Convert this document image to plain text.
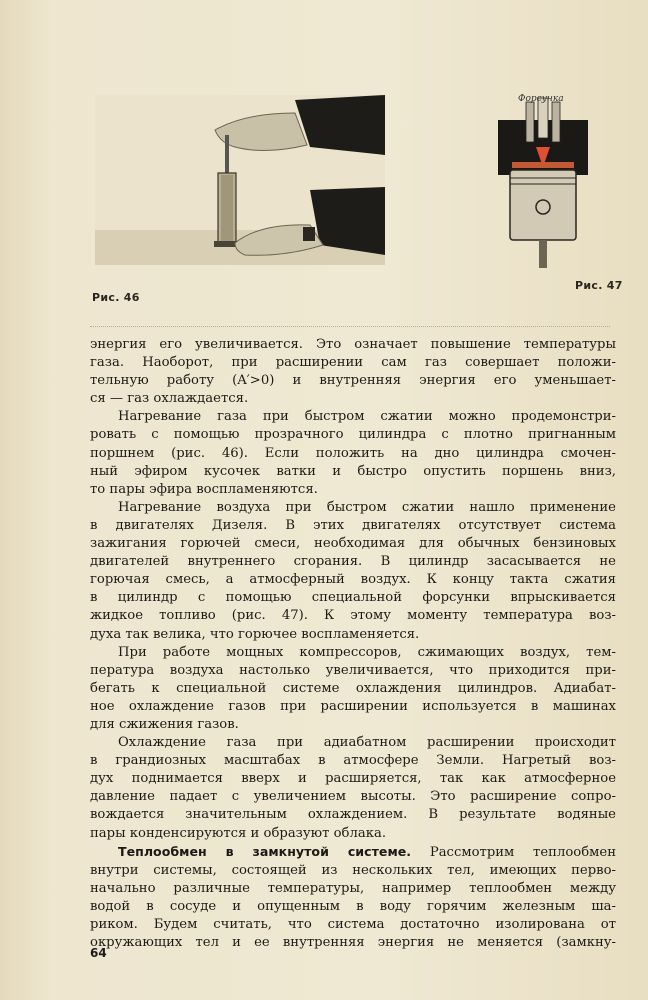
Форсунка
Рис. 46
Рис. 47
энергия его увеличивается. Это означает повышение температуры
газа. Наоборот, при расширении сам газ совершает положи-
тельную работу (A′>0) и внутренняя энергия его уменьшает-
ся — газ охлаждается.
Нагревание газа при быстром сжатии можно продемонстри-
ровать с помощью прозрачного цилиндра с плотно пригнанным
поршнем (рис. 46). Если положить на дно цилиндра смочен-
ный эфиром кусочек ватки и быстро опустить поршень вниз,
то пары эфира воспламеняются.
Нагревание воздуха при быстром сжатии нашло применение
в двигателях Дизеля. В этих двигателях отсутствует система
зажигания горючей смеси, необходимая для обычных бензиновых
двигателей внутреннего сгорания. В цилиндр засасывается не
горючая смесь, а атмосферный воздух. К концу такта сжатия
в цилиндр с помощью специальной форсунки впрыскивается
жидкое топливо (рис. 47). К этому моменту температура воз-
духа так велика, что горючее воспламеняется.
При работе мощных компрессоров, сжимающих воздух, тем-
пература воздуха настолько увеличивается, что приходится при-
бегать к специальной системе охлаждения цилиндров. Адиабат-
ное охлаждение газов при расширении используется в машинах
для сжижения газов.
Охлаждение газа при адиабатном расширении происходит
в грандиозных масштабах в атмосфере Земли. Нагретый воз-
дух поднимается вверх и расширяется, так как атмосферное
давление падает с увеличением высоты. Это расширение сопро-
вождается значительным охлаждением. В результате водяные
пары конденсируются и образуют облака.
Теплообмен в замкнутой системе. Рассмотрим теплообмен
внутри системы, состоящей из нескольких тел, имеющих перво-
начально различные температуры, например теплообмен между
водой в сосуде и опущенным в воду горячим железным ша-
риком. Будем считать, что система достаточно изолирована от
окружающих тел и ее внутренняя энергия не меняется (замкну-
64
